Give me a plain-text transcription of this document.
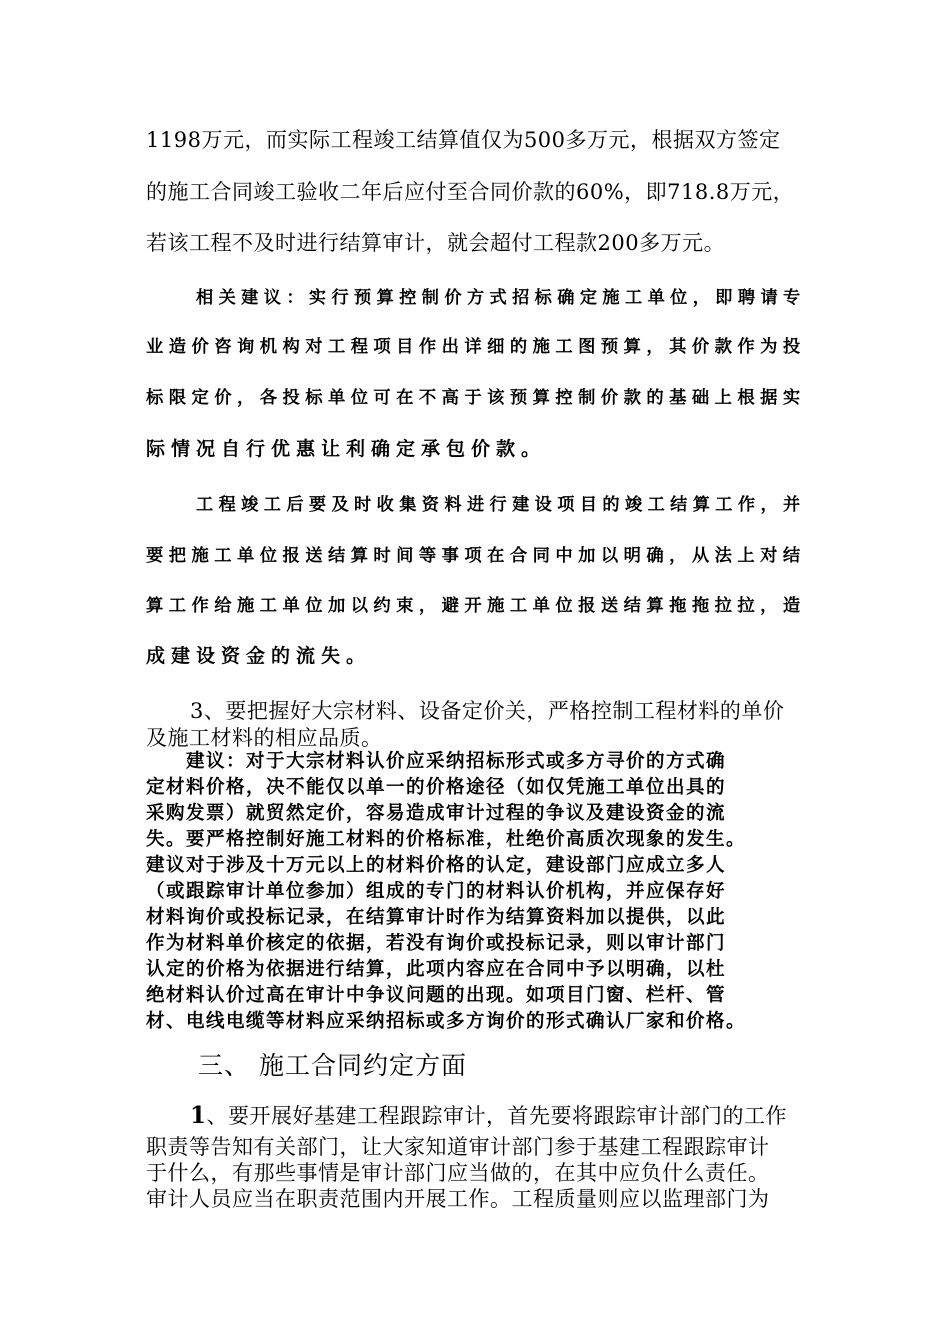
1198万元，而实际工程竣工结算值仅为500多万元，根据双方签定
的施工合同竣工验收二年后应付至合同价款的60%，即718.8万元，
若该工程不及时进行结算审计，就会超付工程款200多万元。
相关建议：实行预算控制价方式招标确定施工单位，即聘请专
业造价咨询机构对工程项目作出详细的施工图预算，其价款作为投
标限定价，各投标单位可在不高于该预算控制价款的基础上根据实
际情况自行优惠让利确定承包价款。
工程竣工后要及时收集资料进行建设项目的竣工结算工作，并
要把施工单位报送结算时间等事项在合同中加以明确，从法上对结
算工作给施工单位加以约束，避开施工单位报送结算拖拖拉拉，造
成建设资金的流失。
3、要把握好大宗材料、设备定价关，严格控制工程材料的单价
及施工材料的相应品质。
建议：对于大宗材料认价应采纳招标形式或多方寻价的方式确
定材料价格，决不能仅以单一的价格途径（如仅凭施工单位出具的
采购发票）就贸然定价，容易造成审计过程的争议及建设资金的流
失。要严格控制好施工材料的价格标准，杜绝价高质次现象的发生。
建议对于涉及十万元以上的材料价格的认定，建设部门应成立多人
（或跟踪审计单位参加）组成的专门的材料认价机构，并应保存好
材料询价或投标记录，在结算审计时作为结算资料加以提供，以此
作为材料单价核定的依据，若没有询价或投标记录，则以审计部门
认定的价格为依据进行结算，此项内容应在合同中予以明确，以杜
绝材料认价过高在审计中争议问题的出现。如项目门窗、栏杆、管
材、电线电缆等材料应采纳招标或多方询价的形式确认厂家和价格。
三、 施工合同约定方面
1、要开展好基建工程跟踪审计，首先要将跟踪审计部门的工作
职责等告知有关部门，让大家知道审计部门参于基建工程跟踪审计
于什么，有那些事情是审计部门应当做的，在其中应负什么责任。
审计人员应当在职责范围内开展工作。工程质量则应以监理部门为
